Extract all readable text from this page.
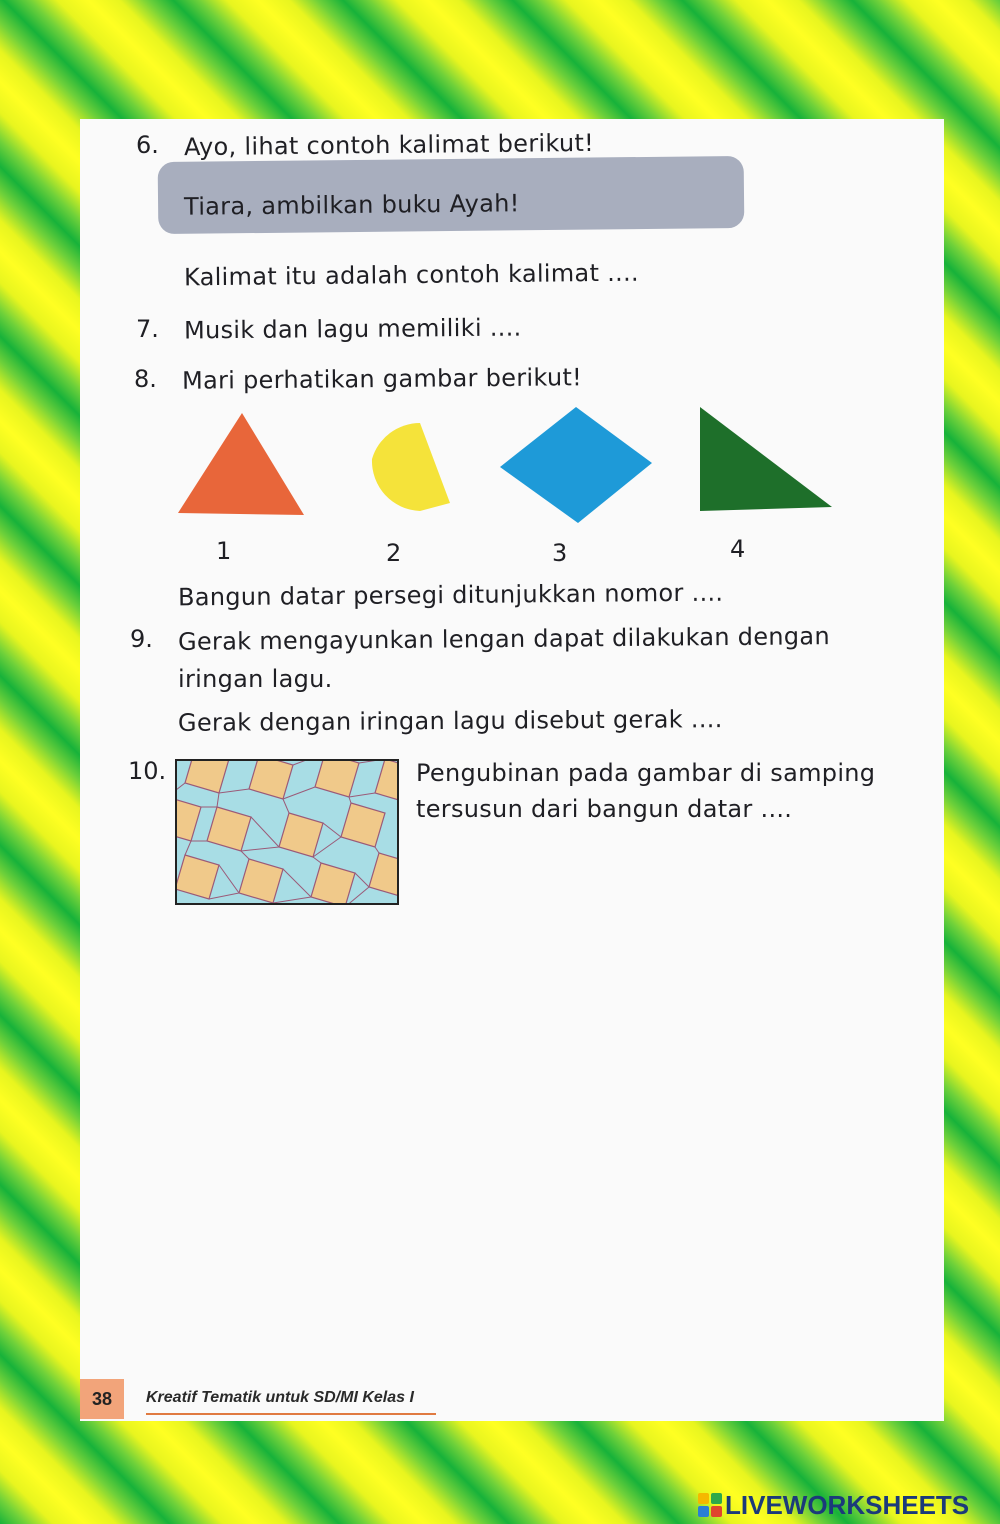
6. Ayo, lihat contoh kalimat berikut!
Tiara, ambilkan buku Ayah!
Kalimat itu adalah contoh kalimat ....
7. Musik dan lagu memiliki ....
8. Mari perhatikan gambar berikut!
1	2	3	4
Bangun datar persegi ditunjukkan nomor ....
9. Gerak mengayunkan lengan dapat dilakukan dengan
iringan lagu.
Gerak dengan iringan lagu disebut gerak ....
10.	Pengubinan pada gambar di samping
tersusun dari bangun datar ....
38	Kreatif Tematik untuk SD/MI Kelas I
LIVEWORKSHEETS
